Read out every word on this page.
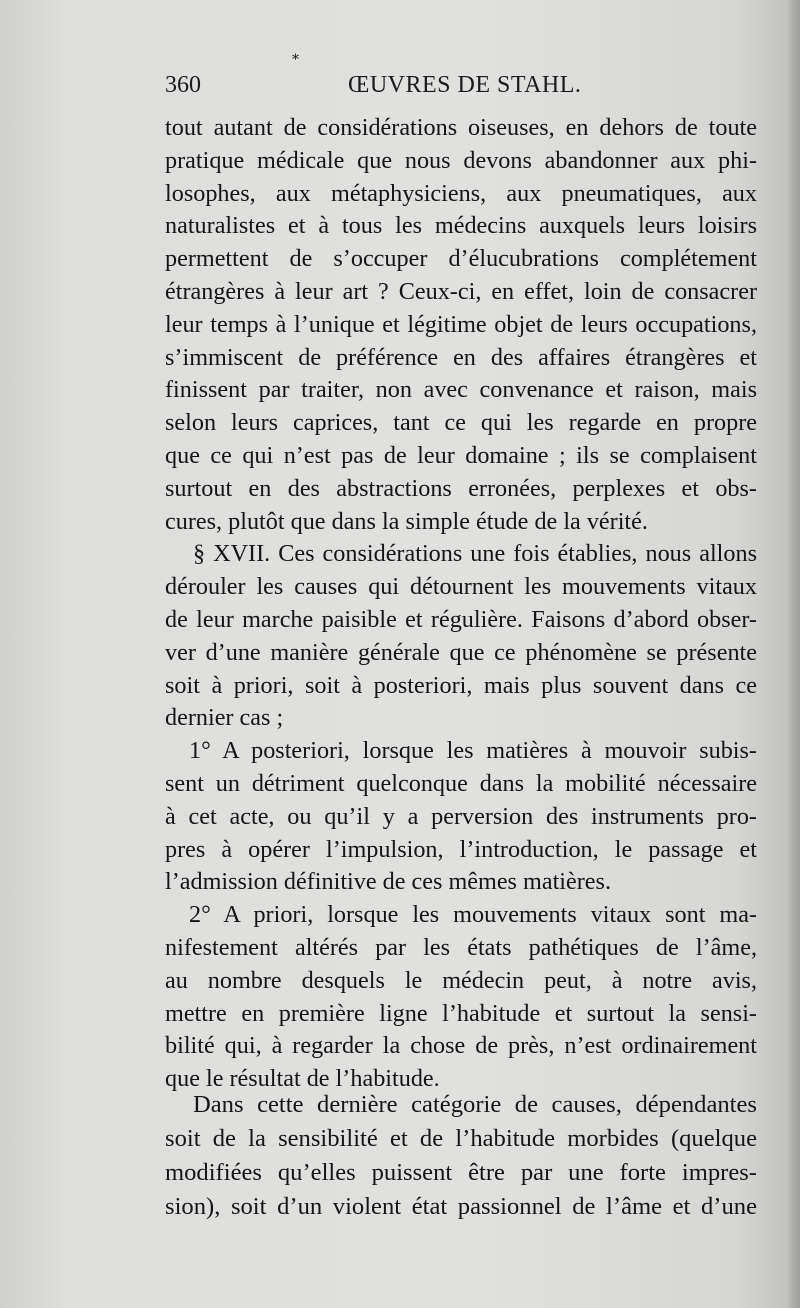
*
360	ŒUVRES DE STAHL.
tout autant de considérations oiseuses, en dehors de toute
pratique médicale que nous devons abandonner aux phi-
losophes, aux métaphysiciens, aux pneumatiques, aux
naturalistes et à tous les médecins auxquels leurs loisirs
permettent de s’occuper d’élucubrations complétement
étrangères à leur art ? Ceux-ci, en effet, loin de consacrer
leur temps à l’unique et légitime objet de leurs occupations,
s’immiscent de préférence en des affaires étrangères et
finissent par traiter, non avec convenance et raison, mais
selon leurs caprices, tant ce qui les regarde en propre
que ce qui n’est pas de leur domaine ; ils se complaisent
surtout en des abstractions erronées, perplexes et obs-
cures, plutôt que dans la simple étude de la vérité.
§ XVII. Ces considérations une fois établies, nous allons
dérouler les causes qui détournent les mouvements vitaux
de leur marche paisible et régulière. Faisons d’abord obser-
ver d’une manière générale que ce phénomène se présente
soit à priori, soit à posteriori, mais plus souvent dans ce
dernier cas ;
1° A posteriori, lorsque les matières à mouvoir subis-
sent un détriment quelconque dans la mobilité nécessaire
à cet acte, ou qu’il y a perversion des instruments pro-
pres à opérer l’impulsion, l’introduction, le passage et
l’admission définitive de ces mêmes matières.
2° A priori, lorsque les mouvements vitaux sont ma-
nifestement altérés par les états pathétiques de l’âme,
au nombre desquels le médecin peut, à notre avis,
mettre en première ligne l’habitude et surtout la sensi-
bilité qui, à regarder la chose de près, n’est ordinairement
que le résultat de l’habitude.
Dans cette dernière catégorie de causes, dépendantes
soit de la sensibilité et de l’habitude morbides (quelque
modifiées qu’elles puissent être par une forte impres-
sion), soit d’un violent état passionnel de l’âme et d’une
